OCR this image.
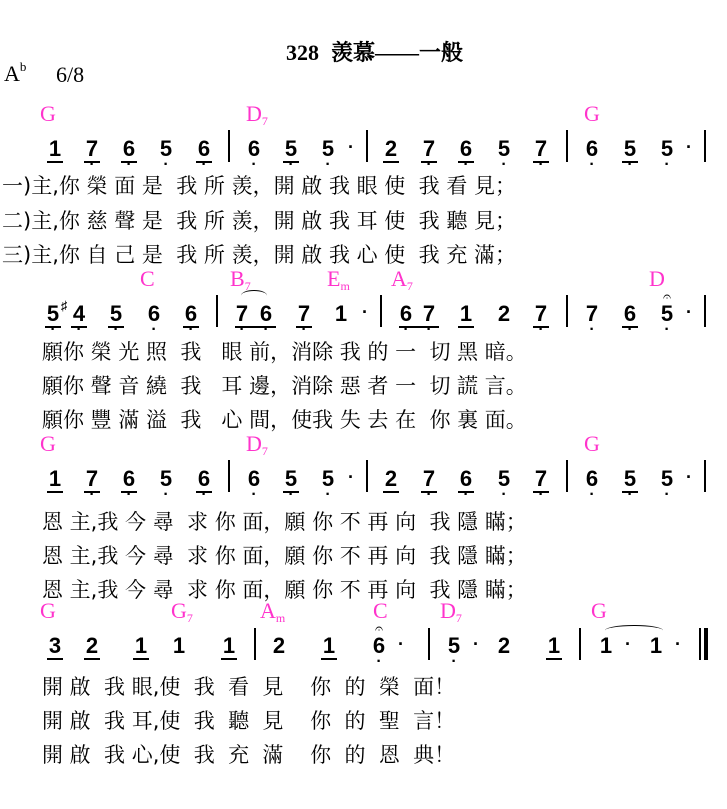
328 羡慕——一般
$A^b$ 6/8
G	$D_7$	G
1 · 7 · 6 · 5 · 6 · 6 · 5 · 5 · 2 · 7 · 6 · 5 · 7 · 6 · 5 · 5 ·
一)主,你 榮 面 是  我 所 羡，開 啟 我 眼 使  我 看 見；
二)主,你 慈 聲 是  我 所 羡，開 啟 我 耳 使  我 聽 見；
三)主,你 自 己 是  我 所 羡，開 啟 我 心 使  我 充 滿；
C	$B_7$	$E_m$ $A_7$	D
· 5 · ♯ 4 · 5 · 6 · 6 · 7 · 6 · 7 1 · · 6 · 7 1 2 · 7 · 7 · 6
· 𝄐
5 ·
願你 榮 光 照  我   眼 前，消除 我 的 一  切 黑 暗。
願你 聲 音 繞  我   耳 邊，消除 惡 者 一  切 謊 言。
願你 豐 滿 溢  我   心 間，使我 失 去 在  你 裏 面。
G	$D_7$	G
1 · 7 · 6 · 5 · 6 · 6 · 5 · 5 · 2 · 7 · 6 · 5 · 7 · 6 · 5 · 5 ·
恩 主,我 今 尋  求 你 面，願 你 不 再 向  我 隱 瞞；
恩 主,我 今 尋  求 你 面，願 你 不 再 向  我 隱 瞞；
恩 主,我 今 尋  求 你 面，願 你 不 再 向  我 隱 瞞；
G	$G_7$	$A_m$	C $D_7$	G
3 2 1 1 1 2 1
· 𝄐
6 · · 5 · 2 1 1 · 1 ·
開 啟  我 眼,使  我  看  見    你  的  榮  面！
開 啟  我 耳,使  我  聽  見    你  的  聖  言！
開 啟  我 心,使  我  充  滿    你  的  恩  典！
